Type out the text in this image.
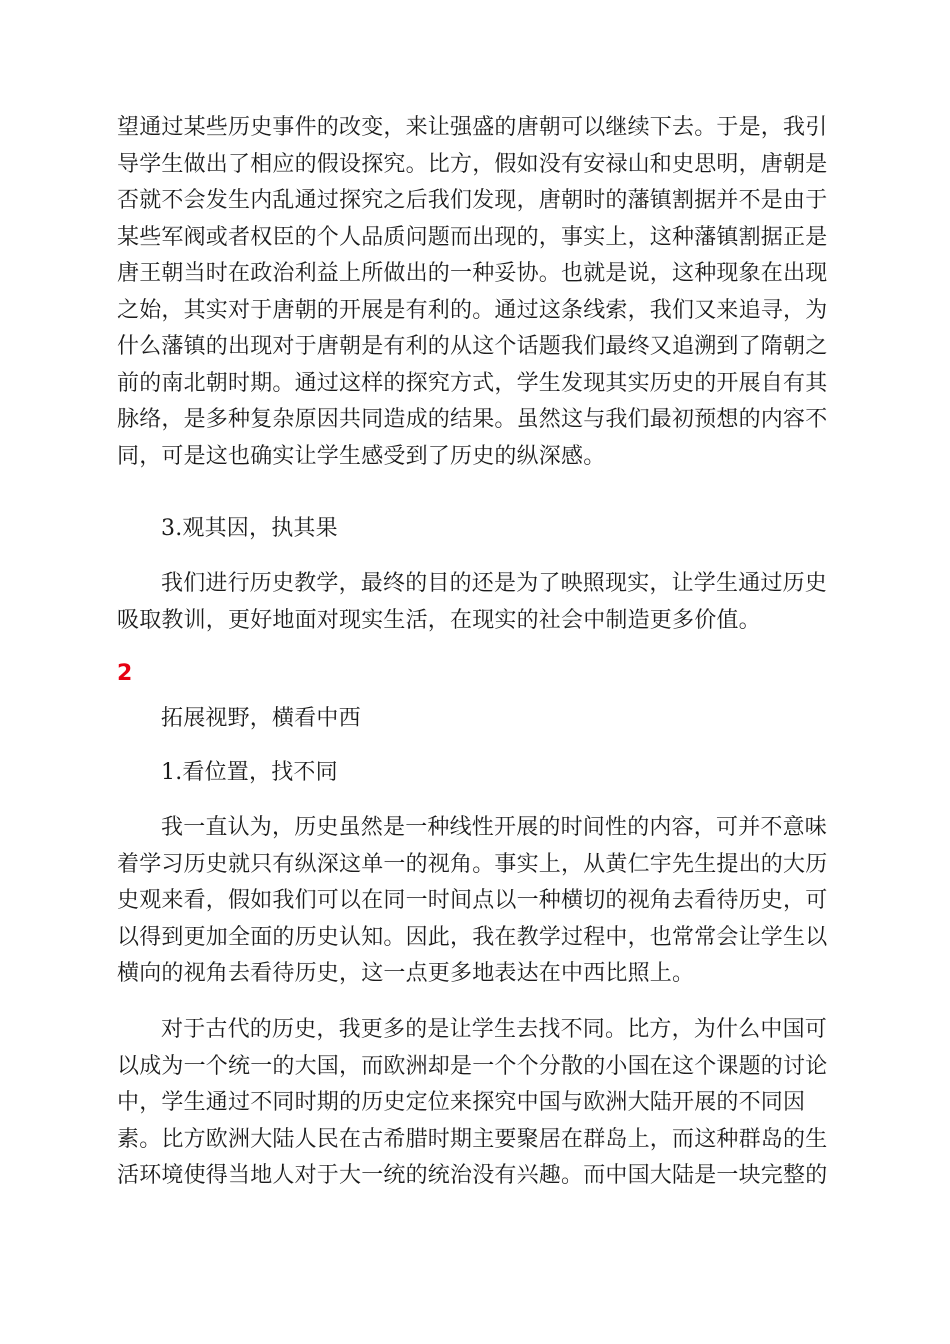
望通过某些历史事件的改变，来让强盛的唐朝可以继续下去。于是，我引
导学生做出了相应的假设探究。比方，假如没有安禄山和史思明，唐朝是
否就不会发生内乱通过探究之后我们发现，唐朝时的藩镇割据并不是由于
某些军阀或者权臣的个人品质问题而出现的，事实上，这种藩镇割据正是
唐王朝当时在政治利益上所做出的一种妥协。也就是说，这种现象在出现
之始，其实对于唐朝的开展是有利的。通过这条线索，我们又来追寻，为
什么藩镇的出现对于唐朝是有利的从这个话题我们最终又追溯到了隋朝之
前的南北朝时期。通过这样的探究方式，学生发现其实历史的开展自有其
脉络，是多种复杂原因共同造成的结果。虽然这与我们最初预想的内容不
同，可是这也确实让学生感受到了历史的纵深感。
3.观其因，执其果
我们进行历史教学，最终的目的还是为了映照现实，让学生通过历史
吸取教训，更好地面对现实生活，在现实的社会中制造更多价值。
2
拓展视野，横看中西
1.看位置，找不同
我一直认为，历史虽然是一种线性开展的时间性的内容，可并不意味
着学习历史就只有纵深这单一的视角。事实上，从黄仁宇先生提出的大历
史观来看，假如我们可以在同一时间点以一种横切的视角去看待历史，可
以得到更加全面的历史认知。因此，我在教学过程中，也常常会让学生以
横向的视角去看待历史，这一点更多地表达在中西比照上。
对于古代的历史，我更多的是让学生去找不同。比方，为什么中国可
以成为一个统一的大国，而欧洲却是一个个分散的小国在这个课题的讨论
中，学生通过不同时期的历史定位来探究中国与欧洲大陆开展的不同因
素。比方欧洲大陆人民在古希腊时期主要聚居在群岛上，而这种群岛的生
活环境使得当地人对于大一统的统治没有兴趣。而中国大陆是一块完整的
